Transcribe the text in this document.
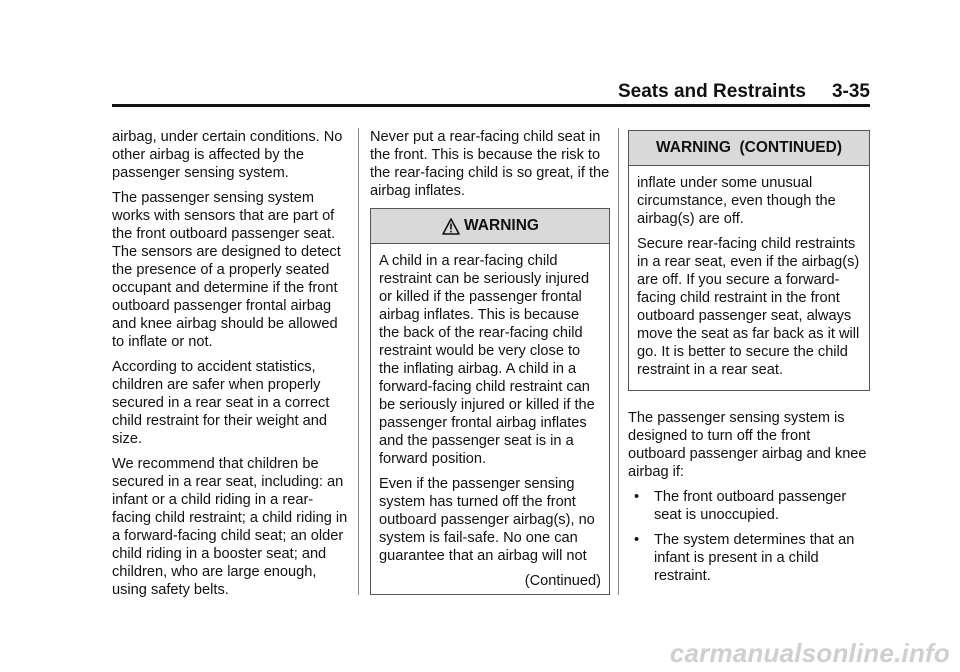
Seats and Restraints 3-35

airbag, under certain conditions. No other airbag is affected by the passenger sensing system.

The passenger sensing system works with sensors that are part of the front outboard passenger seat. The sensors are designed to detect the presence of a properly seated occupant and determine if the front outboard passenger frontal airbag and knee airbag should be allowed to inflate or not.

According to accident statistics, children are safer when properly secured in a rear seat in a correct child restraint for their weight and size.

We recommend that children be secured in a rear seat, including: an infant or a child riding in a rear-facing child restraint; a child riding in a forward-facing child seat; an older child riding in a booster seat; and children, who are large enough, using safety belts.

Never put a rear-facing child seat in the front. This is because the risk to the rear-facing child is so great, if the airbag inflates.

WARNING

A child in a rear-facing child restraint can be seriously injured or killed if the passenger frontal airbag inflates. This is because the back of the rear-facing child restraint would be very close to the inflating airbag. A child in a forward-facing child restraint can be seriously injured or killed if the passenger frontal airbag inflates and the passenger seat is in a forward position.

Even if the passenger sensing system has turned off the front outboard passenger airbag(s), no system is fail-safe. No one can guarantee that an airbag will not

(Continued)

WARNING  (CONTINUED)

inflate under some unusual circumstance, even though the airbag(s) are off.

Secure rear-facing child restraints in a rear seat, even if the airbag(s) are off. If you secure a forward-facing child restraint in the front outboard passenger seat, always move the seat as far back as it will go. It is better to secure the child restraint in a rear seat.

The passenger sensing system is designed to turn off the front outboard passenger airbag and knee airbag if:

• The front outboard passenger seat is unoccupied.
• The system determines that an infant is present in a child restraint.
carmanualsonline.info
